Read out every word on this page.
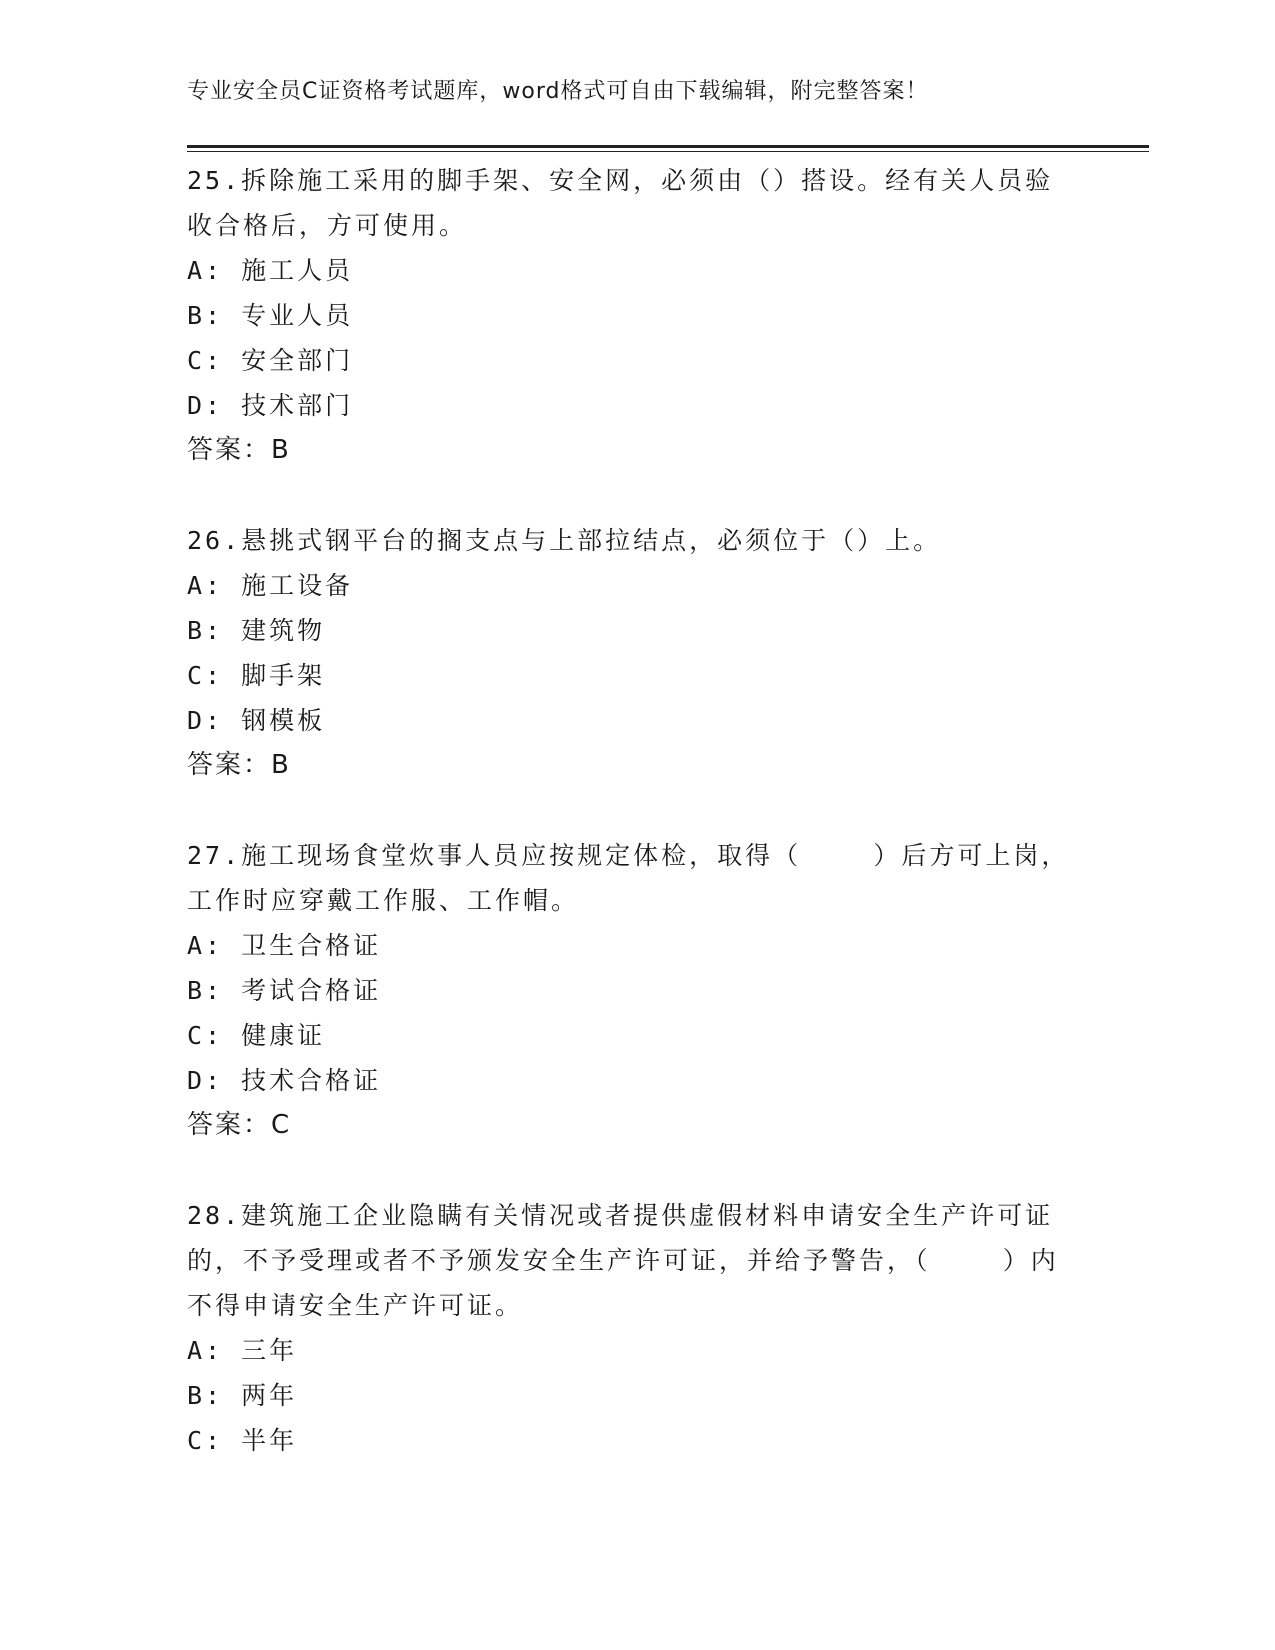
专业安全员C证资格考试题库，word格式可自由下载编辑，附完整答案！

25.拆除施工采用的脚手架、安全网，必须由（）搭设。经有关人员验

收合格后，方可使用。

A: 施工人员

B: 专业人员

C: 安全部门

D: 技术部门

答案：B

26.悬挑式钢平台的搁支点与上部拉结点，必须位于（）上。

A: 施工设备

B: 建筑物

C: 脚手架

D: 钢模板

答案：B

27.施工现场食堂炊事人员应按规定体检，取得（    ）后方可上岗，

工作时应穿戴工作服、工作帽。

A: 卫生合格证

B: 考试合格证

C: 健康证

D: 技术合格证

答案：C

28.建筑施工企业隐瞒有关情况或者提供虚假材料申请安全生产许可证

的，不予受理或者不予颁发安全生产许可证，并给予警告，（    ）内

不得申请安全生产许可证。

A: 三年

B: 两年

C: 半年
